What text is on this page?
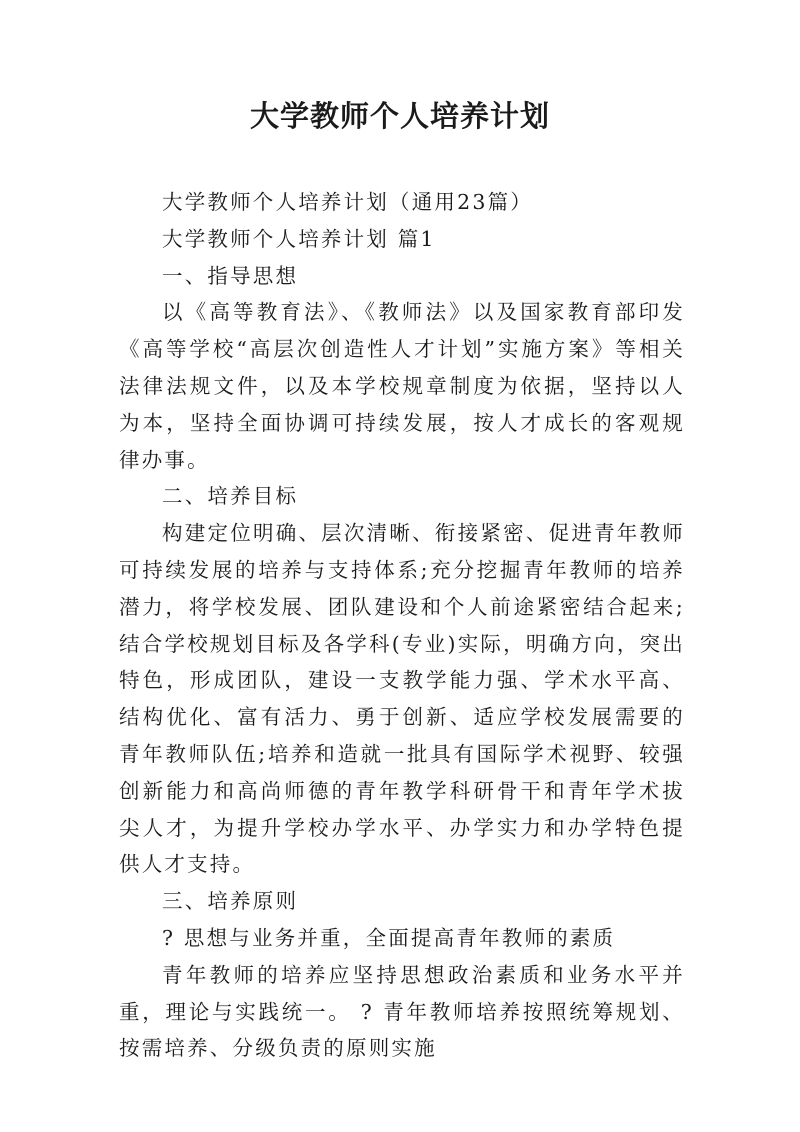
大学教师个人培养计划

大学教师个人培养计划（通用23篇）

大学教师个人培养计划 篇1

一、指导思想

以《高等教育法》、《教师法》以及国家教育部印发《高等学校“高层次创造性人才计划”实施方案》等相关法律法规文件，以及本学校规章制度为依据，坚持以人为本，坚持全面协调可持续发展，按人才成长的客观规律办事。

二、培养目标

构建定位明确、层次清晰、衔接紧密、促进青年教师可持续发展的培养与支持体系;充分挖掘青年教师的培养潜力，将学校发展、团队建设和个人前途紧密结合起来;结合学校规划目标及各学科(专业)实际，明确方向，突出特色，形成团队，建设一支教学能力强、学术水平高、结构优化、富有活力、勇于创新、适应学校发展需要的青年教师队伍;培养和造就一批具有国际学术视野、较强创新能力和高尚师德的青年教学科研骨干和青年学术拔尖人才，为提升学校办学水平、办学实力和办学特色提供人才支持。

三、培养原则

? 思想与业务并重，全面提高青年教师的素质

青年教师的培养应坚持思想政治素质和业务水平并重，理论与实践统一。 ? 青年教师培养按照统筹规划、按需培养、分级负责的原则实施
